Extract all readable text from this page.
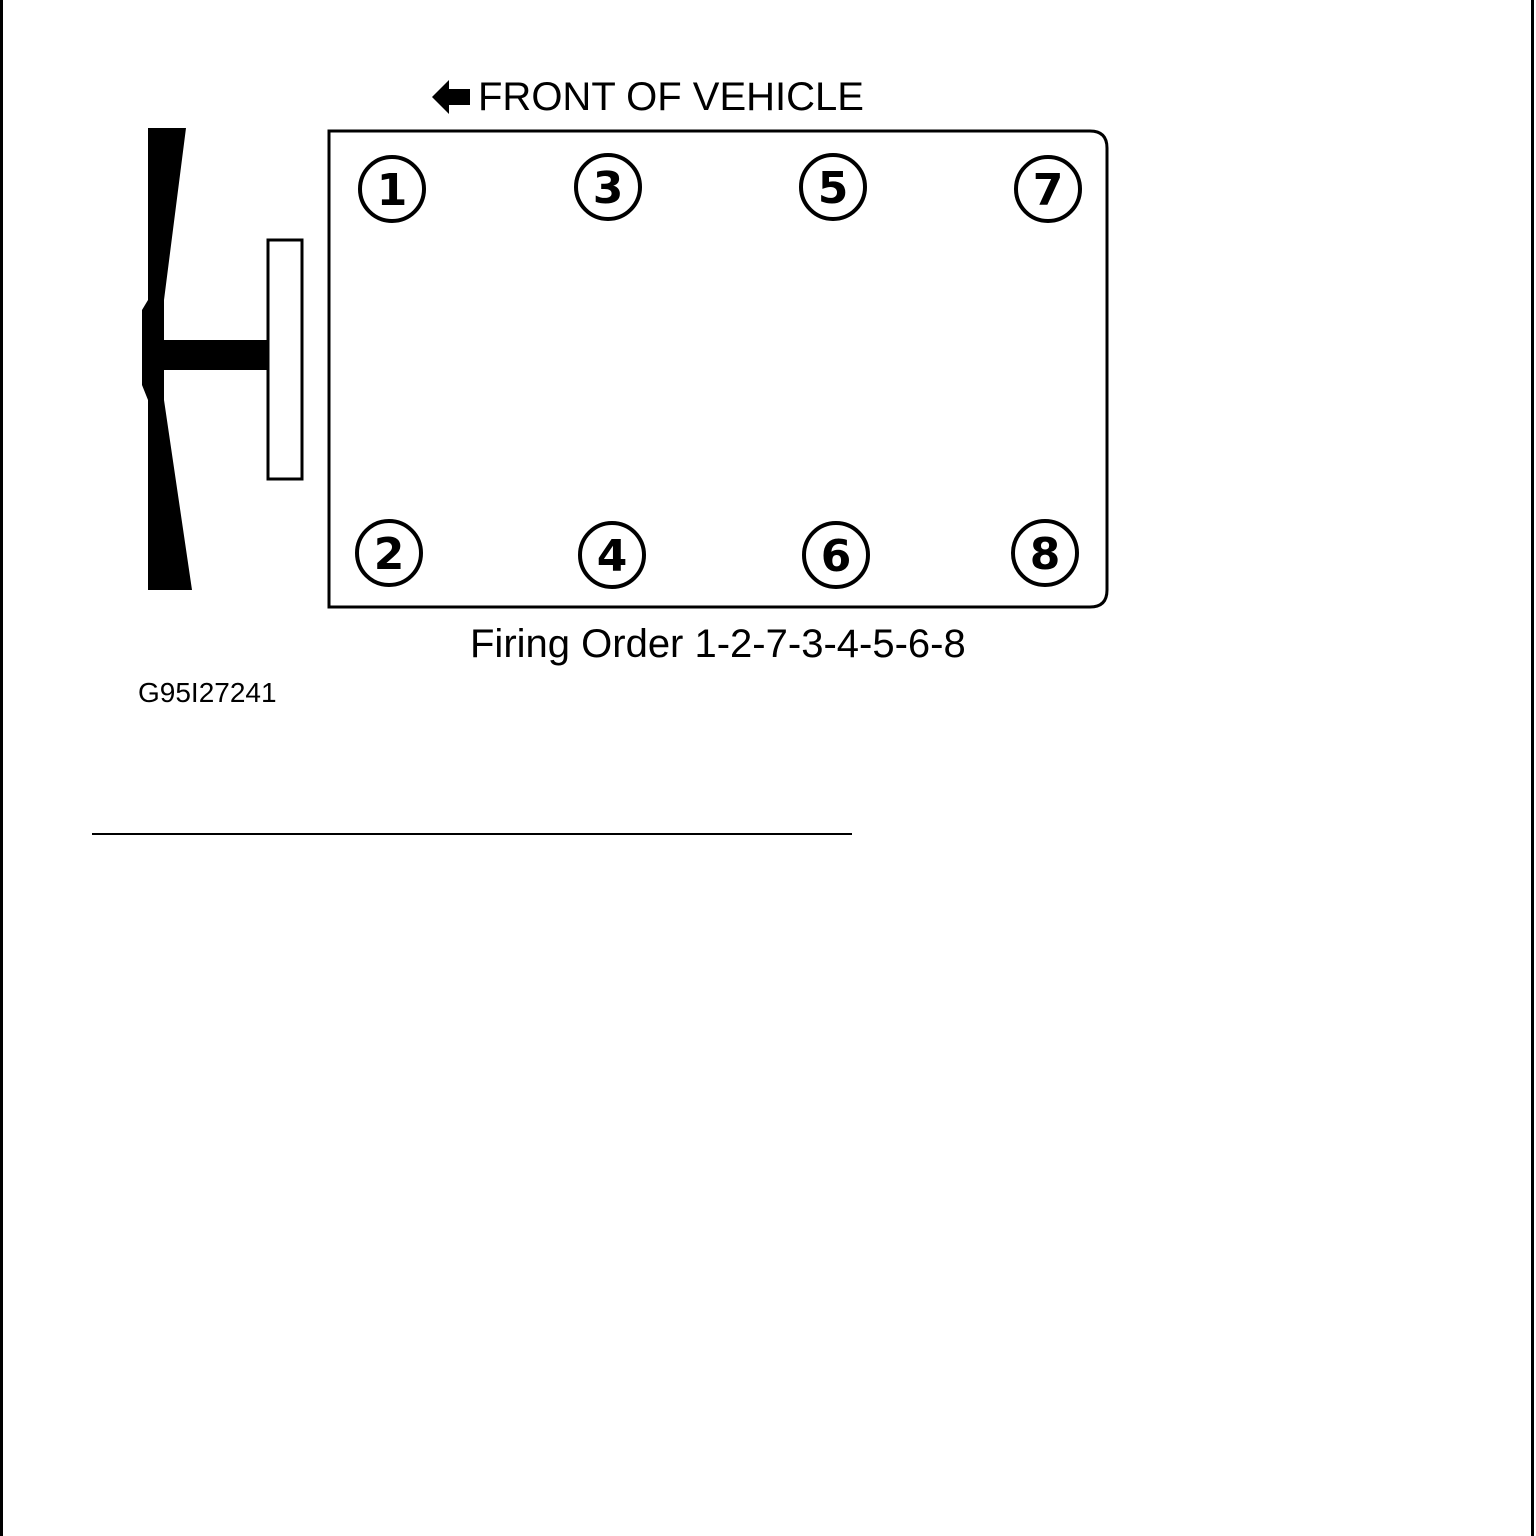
FRONT OF VEHICLE
1	3	5	7
2	4	6	8
Firing Order 1-2-7-3-4-5-6-8
G95I27241
